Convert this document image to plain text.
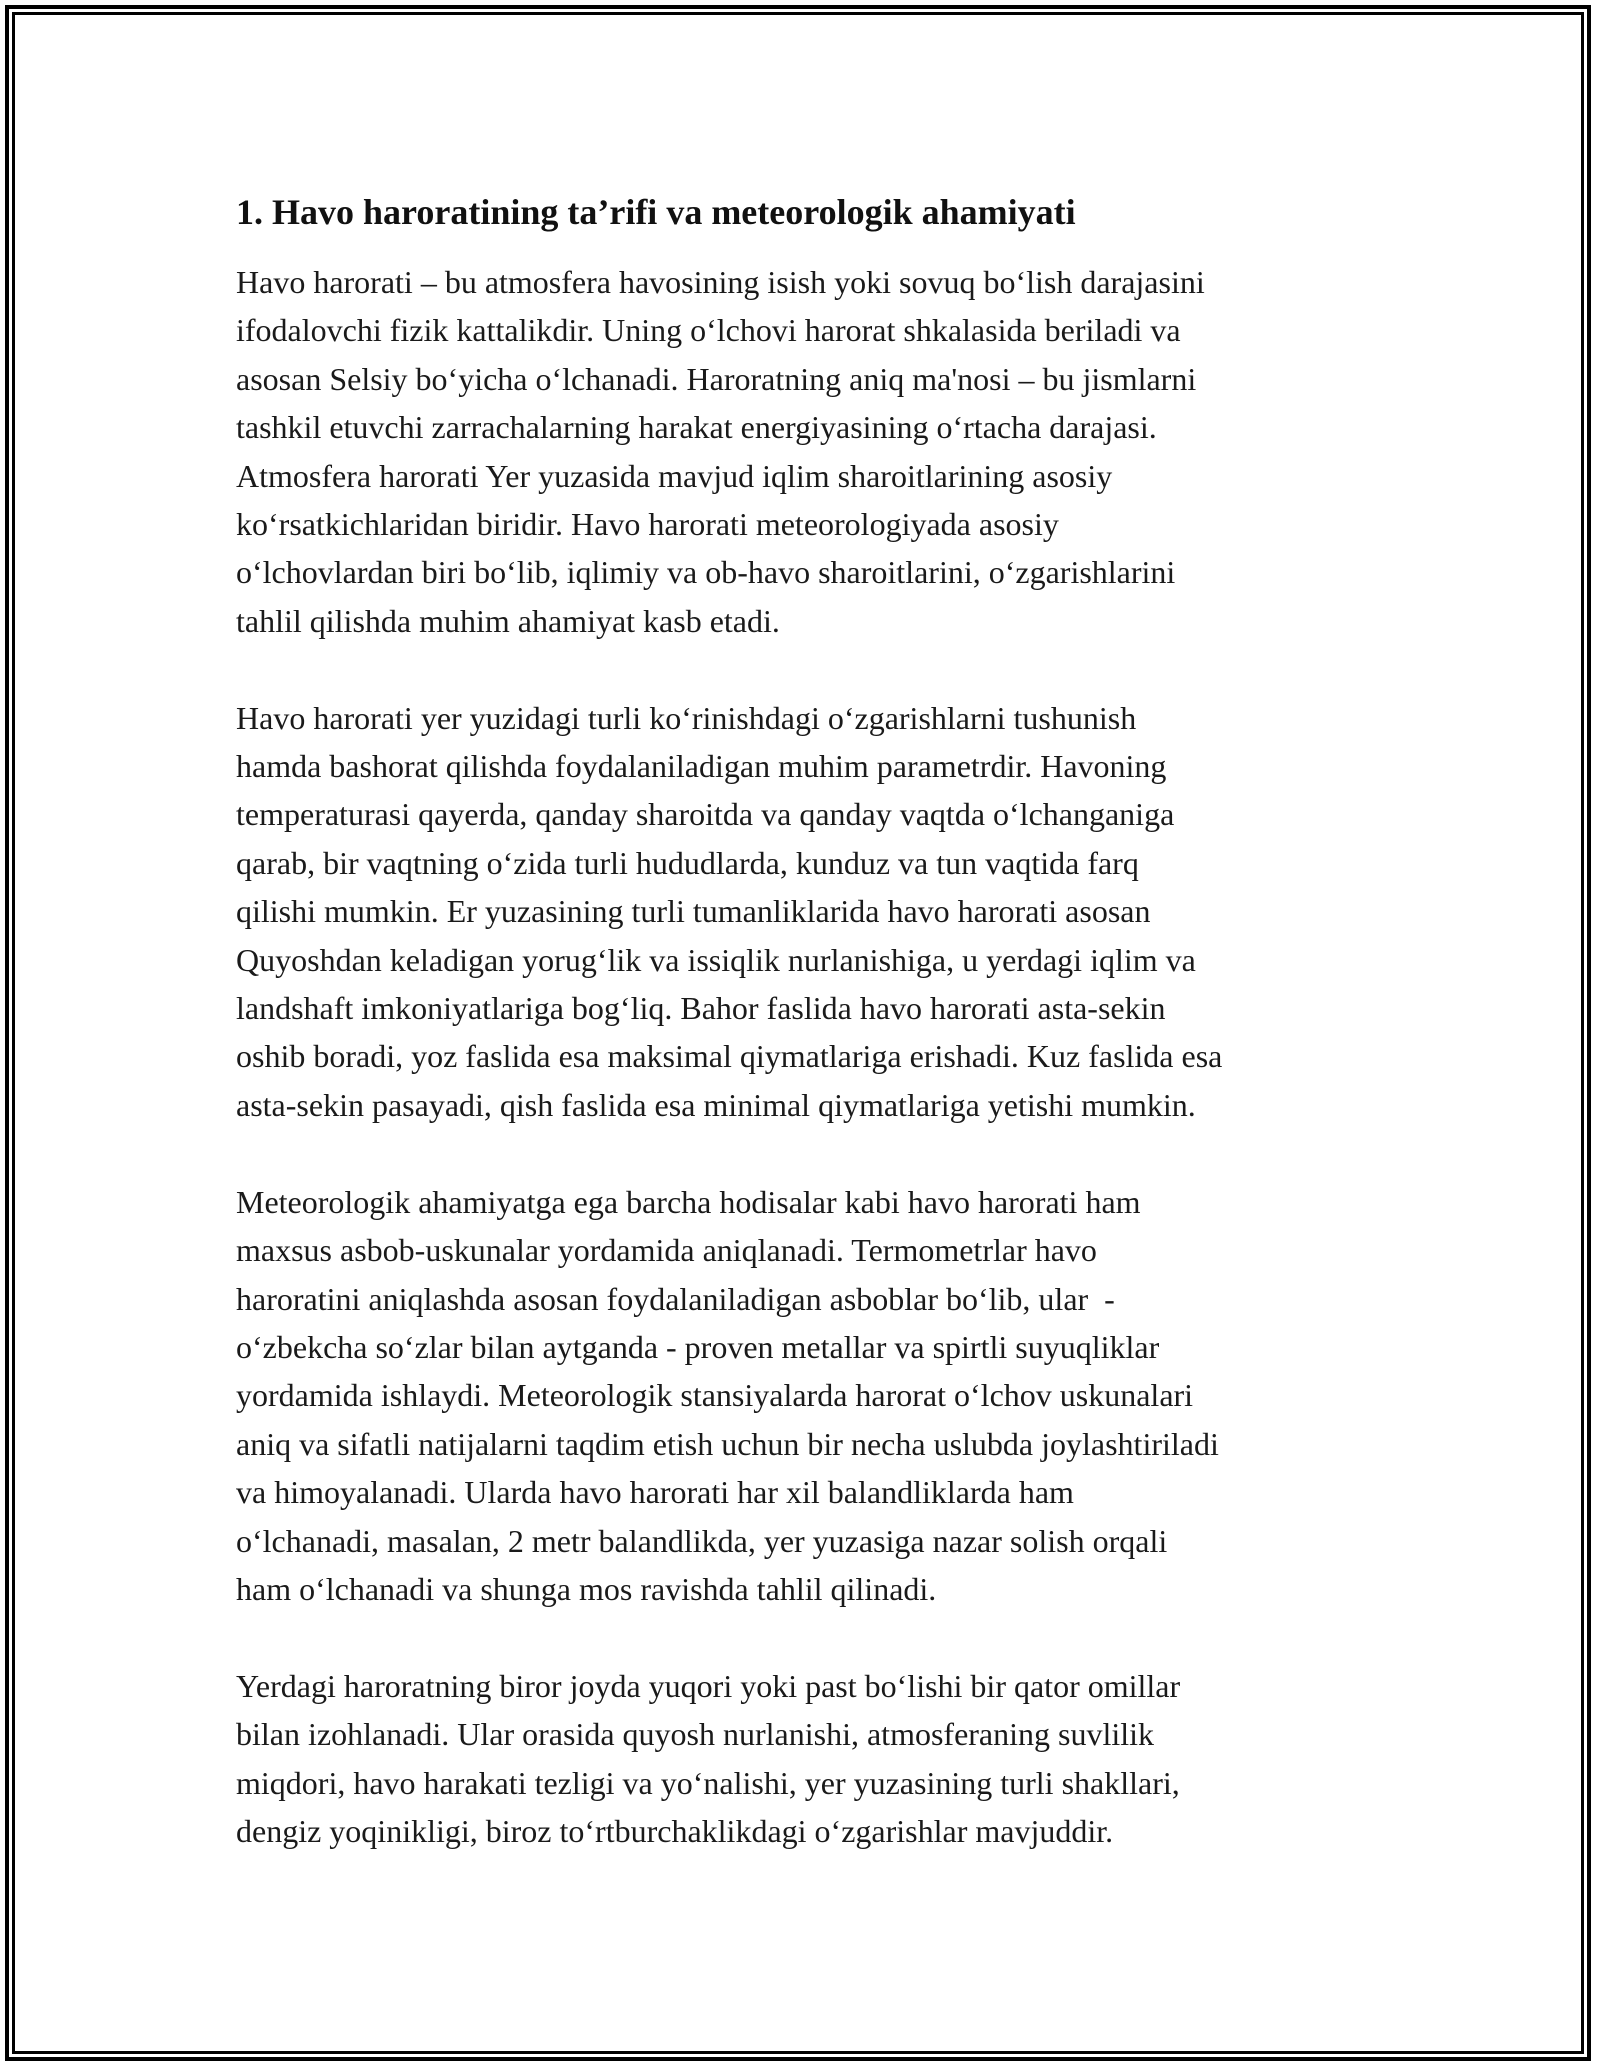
1. Havo haroratining ta’rifi va meteorologik ahamiyati

Havo harorati – bu atmosfera havosining isish yoki sovuq boʻlish darajasini
ifodalovchi fizik kattalikdir. Uning oʻlchovi harorat shkalasida beriladi va
asosan Selsiy boʻyicha oʻlchanadi. Haroratning aniq ma'nosi – bu jismlarni
tashkil etuvchi zarrachalarning harakat energiyasining oʻrtacha darajasi.
Atmosfera harorati Yer yuzasida mavjud iqlim sharoitlarining asosiy
koʻrsatkichlaridan biridir. Havo harorati meteorologiyada asosiy
oʻlchovlardan biri boʻlib, iqlimiy va ob-havo sharoitlarini, oʻzgarishlarini
tahlil qilishda muhim ahamiyat kasb etadi.

Havo harorati yer yuzidagi turli koʻrinishdagi oʻzgarishlarni tushunish
hamda bashorat qilishda foydalaniladigan muhim parametrdir. Havoning
temperaturasi qayerda, qanday sharoitda va qanday vaqtda oʻlchanganiga
qarab, bir vaqtning oʻzida turli hududlarda, kunduz va tun vaqtida farq
qilishi mumkin. Er yuzasining turli tumanliklarida havo harorati asosan
Quyoshdan keladigan yorugʻlik va issiqlik nurlanishiga, u yerdagi iqlim va
landshaft imkoniyatlariga bogʻliq. Bahor faslida havo harorati asta-sekin
oshib boradi, yoz faslida esa maksimal qiymatlariga erishadi. Kuz faslida esa
asta-sekin pasayadi, qish faslida esa minimal qiymatlariga yetishi mumkin.

Meteorologik ahamiyatga ega barcha hodisalar kabi havo harorati ham
maxsus asbob-uskunalar yordamida aniqlanadi. Termometrlar havo
haroratini aniqlashda asosan foydalaniladigan asboblar boʻlib, ular  -
oʻzbekcha soʻzlar bilan aytganda - proven metallar va spirtli suyuqliklar
yordamida ishlaydi. Meteorologik stansiyalarda harorat oʻlchov uskunalari
aniq va sifatli natijalarni taqdim etish uchun bir necha uslubda joylashtiriladi
va himoyalanadi. Ularda havo harorati har xil balandliklarda ham
oʻlchanadi, masalan, 2 metr balandlikda, yer yuzasiga nazar solish orqali
ham oʻlchanadi va shunga mos ravishda tahlil qilinadi.

Yerdagi haroratning biror joyda yuqori yoki past boʻlishi bir qator omillar
bilan izohlanadi. Ular orasida quyosh nurlanishi, atmosferaning suvlilik
miqdori, havo harakati tezligi va yoʻnalishi, yer yuzasining turli shakllari,
dengiz yoqinikligi, biroz toʻrtburchaklikdagi oʻzgarishlar mavjuddir.
